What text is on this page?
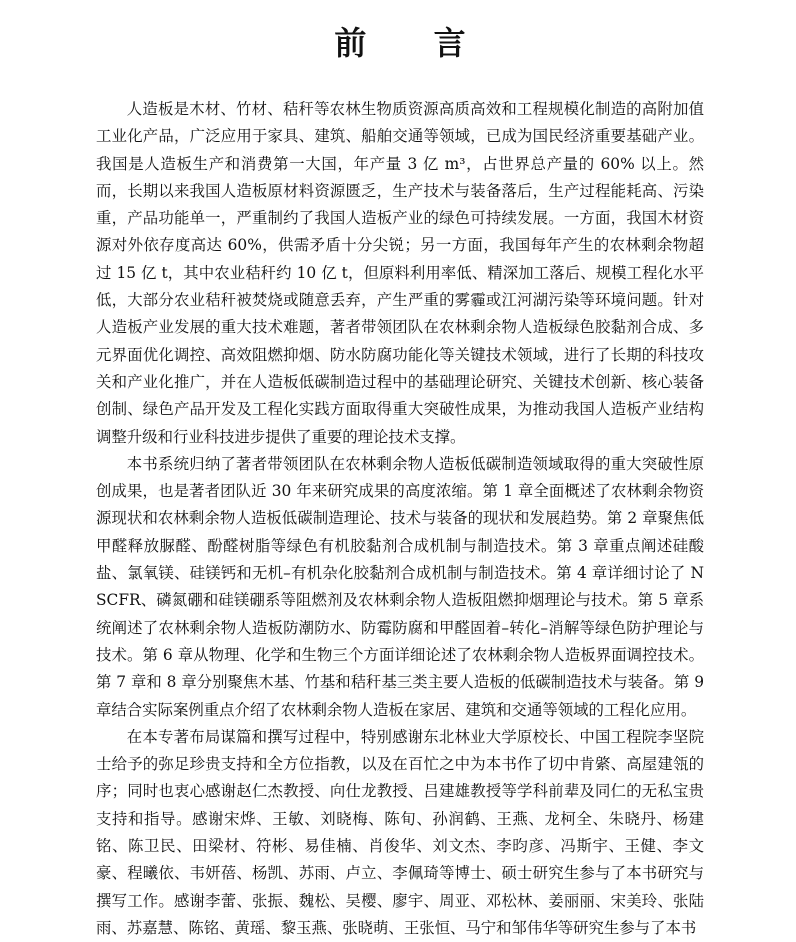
前 言

人造板是木材、竹材、秸秆等农林生物质资源高质高效和工程规模化制造的高附加值工业化产品，广泛应用于家具、建筑、船舶交通等领域，已成为国民经济重要基础产业。我国是人造板生产和消费第一大国，年产量 3 亿 m³，占世界总产量的 60% 以上。然而，长期以来我国人造板原材料资源匮乏，生产技术与装备落后，生产过程能耗高、污染重，产品功能单一，严重制约了我国人造板产业的绿色可持续发展。一方面，我国木材资源对外依存度高达 60%，供需矛盾十分尖锐；另一方面，我国每年产生的农林剩余物超过 15 亿 t，其中农业秸秆约 10 亿 t，但原料利用率低、精深加工落后、规模工程化水平低，大部分农业秸秆被焚烧或随意丢弃，产生严重的雾霾或江河湖污染等环境问题。针对人造板产业发展的重大技术难题，著者带领团队在农林剩余物人造板绿色胶黏剂合成、多元界面优化调控、高效阻燃抑烟、防水防腐功能化等关键技术领域，进行了长期的科技攻关和产业化推广，并在人造板低碳制造过程中的基础理论研究、关键技术创新、核心装备创制、绿色产品开发及工程化实践方面取得重大突破性成果，为推动我国人造板产业结构调整升级和行业科技进步提供了重要的理论技术支撑。

本书系统归纳了著者带领团队在农林剩余物人造板低碳制造领域取得的重大突破性原创成果，也是著者团队近 30 年来研究成果的高度浓缩。第 1 章全面概述了农林剩余物资源现状和农林剩余物人造板低碳制造理论、技术与装备的现状和发展趋势。第 2 章聚焦低甲醛释放脲醛、酚醛树脂等绿色有机胶黏剂合成机制与制造技术。第 3 章重点阐述硅酸盐、氯氧镁、硅镁钙和无机–有机杂化胶黏剂合成机制与制造技术。第 4 章详细讨论了 NSCFR、磷氮硼和硅镁硼系等阻燃剂及农林剩余物人造板阻燃抑烟理论与技术。第 5 章系统阐述了农林剩余物人造板防潮防水、防霉防腐和甲醛固着–转化–消解等绿色防护理论与技术。第 6 章从物理、化学和生物三个方面详细论述了农林剩余物人造板界面调控技术。第 7 章和 8 章分别聚焦木基、竹基和秸秆基三类主要人造板的低碳制造技术与装备。第 9 章结合实际案例重点介绍了农林剩余物人造板在家居、建筑和交通等领域的工程化应用。

在本专著布局谋篇和撰写过程中，特别感谢东北林业大学原校长、中国工程院李坚院士给予的弥足珍贵支持和全方位指教，以及在百忙之中为本书作了切中肯綮、高屋建瓴的序；同时也衷心感谢赵仁杰教授、向仕龙教授、吕建雄教授等学科前辈及同仁的无私宝贵支持和指导。感谢宋烨、王敏、刘晓梅、陈旬、孙润鹤、王燕、龙柯全、朱晓丹、杨建铭、陈卫民、田梁材、符彬、易佳楠、肖俊华、刘文杰、李昀彦、冯斯宇、王健、李文豪、程曦依、韦妍蓓、杨凯、苏雨、卢立、李佩琦等博士、硕士研究生参与了本书研究与撰写工作。感谢李蕾、张振、魏松、吴樱、廖宇、周亚、邓松林、姜丽丽、宋美玲、张陆雨、苏嘉慧、陈铭、黄瑶、黎玉燕、张晓萌、王张恒、马宁和邹伟华等研究生参与了本书
